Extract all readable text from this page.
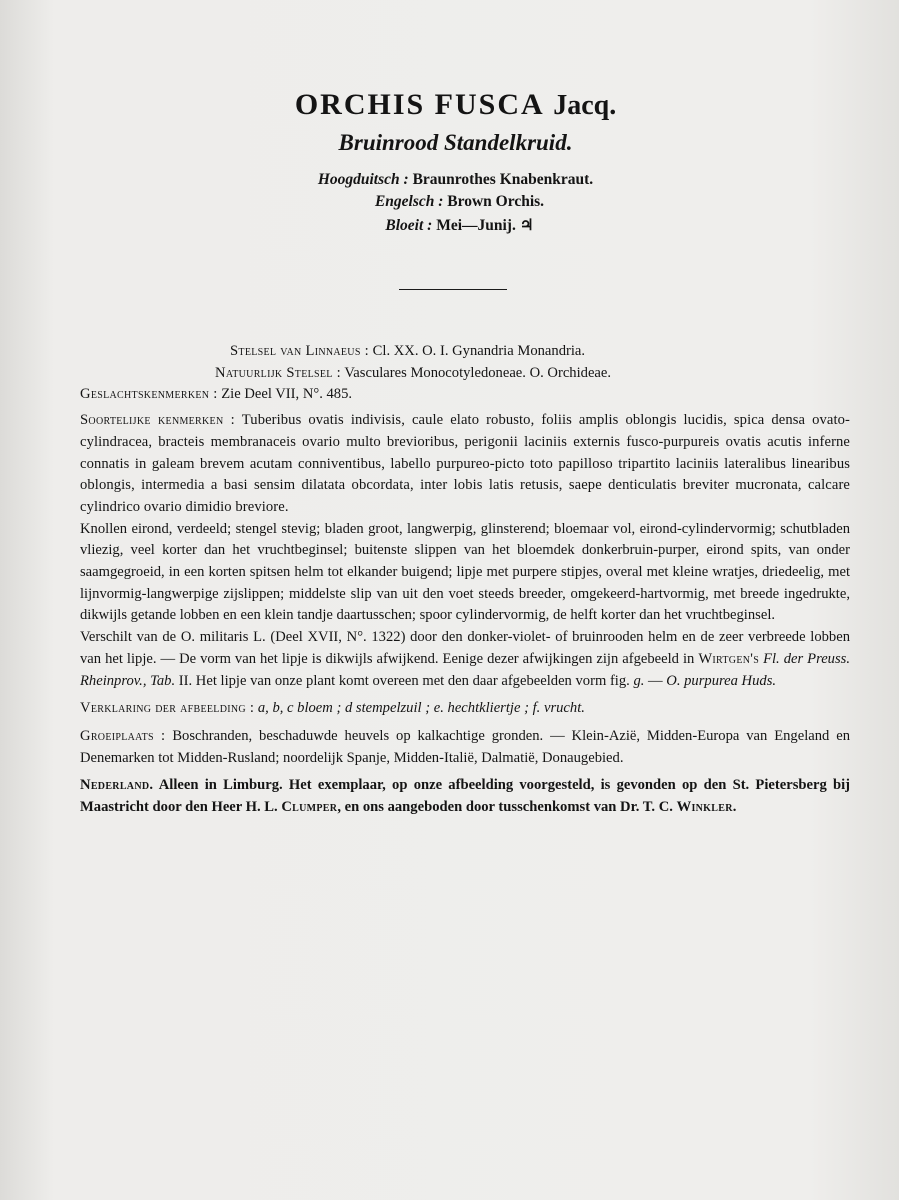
ORCHIS FUSCA Jacq.
Bruinrood Standelkruid.
Hoogduitsch : Braunrothes Knabenkraut.
Engelsch : Brown Orchis.
Bloeit : Mei—Junij. ♃

Stelsel van Linnaeus : Cl. XX. O. I. Gynandria Monandria.

Natuurlijk Stelsel : Vasculares Monocotyledoneae. O. Orchideae.

Geslachtskenmerken : Zie Deel VII, N°. 485.

Soortelijke kenmerken : Tuberibus ovatis indivisis, caule elato robusto, foliis amplis oblongis lucidis, spica densa ovato-cylindracea, bracteis membranaceis ovario multo brevioribus, perigonii laciniis externis fusco-purpureis ovatis acutis inferne connatis in galeam brevem acutam conniventibus, labello purpureo-picto toto papilloso tripartito laciniis lateralibus linearibus oblongis, intermedia a basi sensim dilatata obcordata, inter lobis latis retusis, saepe denticulatis breviter mucronata, calcare cylindrico ovario dimidio breviore.

Knollen eirond, verdeeld; stengel stevig; bladen groot, langwerpig, glinsterend; bloemaar vol, eirond-cylindervormig; schutbladen vliezig, veel korter dan het vruchtbeginsel; buitenste slippen van het bloemdek donkerbruin-purper, eirond spits, van onder saamgegroeid, in een korten spitsen helm tot elkander buigend; lipje met purpere stipjes, overal met kleine wratjes, driedeelig, met lijnvormig-langwerpige zijslippen; middelste slip van uit den voet steeds breeder, omgekeerd-hartvormig, met breede ingedrukte, dikwijls getande lobben en een klein tandje daartusschen; spoor cylindervormig, de helft korter dan het vruchtbeginsel.

Verschilt van de O. militaris L. (Deel XVII, N°. 1322) door den donker-violet- of bruinrooden helm en de zeer verbreede lobben van het lipje. — De vorm van het lipje is dikwijls afwijkend. Eenige dezer afwijkingen zijn afgebeeld in Wirtgen's Fl. der Preuss. Rheinprov., Tab. II. Het lipje van onze plant komt overeen met den daar afgebeelden vorm fig. g. — O. purpurea Huds.

Verklaring der afbeelding : a, b, c bloem ; d stempelzuil ; e. hechtkliertje ; f. vrucht.

Groeiplaats : Boschranden, beschaduwde heuvels op kalkachtige gronden. — Klein-Azië, Midden-Europa van Engeland en Denemarken tot Midden-Rusland; noordelijk Spanje, Midden-Italië, Dalmatië, Donaugebied.

Nederland. Alleen in Limburg. Het exemplaar, op onze afbeelding voorgesteld, is gevonden op den St. Pietersberg bij Maastricht door den Heer H. L. Clumper, en ons aangeboden door tusschenkomst van Dr. T. C. Winkler.
